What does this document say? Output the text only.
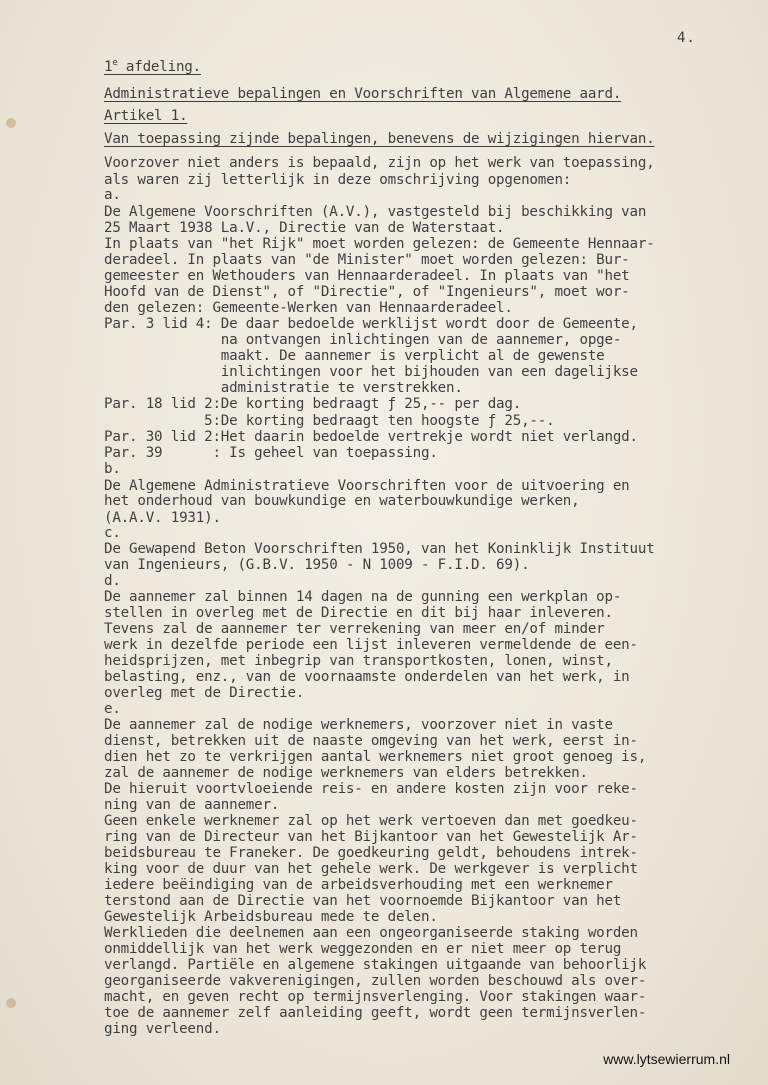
4.
1e afdeling.
Administratieve bepalingen en Voorschriften van Algemene aard.
Artikel 1.
Van toepassing zijnde bepalingen, benevens de wijzigingen hiervan.
Voorzover niet anders is bepaald, zijn op het werk van toepassing,
als waren zij letterlijk in deze omschrijving opgenomen:
a.
De Algemene Voorschriften (A.V.), vastgesteld bij beschikking van
25 Maart 1938 La.V., Directie van de Waterstaat.
In plaats van "het Rijk" moet worden gelezen: de Gemeente Hennaar-
deradeel. In plaats van "de Minister" moet worden gelezen: Bur-
gemeester en Wethouders van Hennaarderadeel. In plaats van "het
Hoofd van de Dienst", of "Directie", of "Ingenieurs", moet wor-
den gelezen: Gemeente-Werken van Hennaarderadeel.
Par. 3 lid 4: De daar bedoelde werklijst wordt door de Gemeente,
na ontvangen inlichtingen van de aannemer, opge-
maakt. De aannemer is verplicht al de gewenste
inlichtingen voor het bijhouden van een dagelijkse
administratie te verstrekken.
Par. 18 lid 2:De korting bedraagt ƒ 25,-- per dag.
5:De korting bedraagt ten hoogste ƒ 25,--.
Par. 30 lid 2:Het daarin bedoelde vertrekje wordt niet verlangd.
Par. 39      : Is geheel van toepassing.
b.
De Algemene Administratieve Voorschriften voor de uitvoering en
het onderhoud van bouwkundige en waterbouwkundige werken,
(A.A.V. 1931).
c.
De Gewapend Beton Voorschriften 1950, van het Koninklijk Instituut
van Ingenieurs, (G.B.V. 1950 - N 1009 - F.I.D. 69).
d.
De aannemer zal binnen 14 dagen na de gunning een werkplan op-
stellen in overleg met de Directie en dit bij haar inleveren.
Tevens zal de aannemer ter verrekening van meer en/of minder
werk in dezelfde periode een lijst inleveren vermeldende de een-
heidsprijzen, met inbegrip van transportkosten, lonen, winst,
belasting, enz., van de voornaamste onderdelen van het werk, in
overleg met de Directie.
e.
De aannemer zal de nodige werknemers, voorzover niet in vaste
dienst, betrekken uit de naaste omgeving van het werk, eerst in-
dien het zo te verkrijgen aantal werknemers niet groot genoeg is,
zal de aannemer de nodige werknemers van elders betrekken.
De hieruit voortvloeiende reis- en andere kosten zijn voor reke-
ning van de aannemer.
Geen enkele werknemer zal op het werk vertoeven dan met goedkeu-
ring van de Directeur van het Bijkantoor van het Gewestelijk Ar-
beidsbureau te Franeker. De goedkeuring geldt, behoudens intrek-
king voor de duur van het gehele werk. De werkgever is verplicht
iedere beëindiging van de arbeidsverhouding met een werknemer
terstond aan de Directie van het voornoemde Bijkantoor van het
Gewestelijk Arbeidsbureau mede te delen.
Werklieden die deelnemen aan een ongeorganiseerde staking worden
onmiddellijk van het werk weggezonden en er niet meer op terug
verlangd. Partiële en algemene stakingen uitgaande van behoorlijk
georganiseerde vakverenigingen, zullen worden beschouwd als over-
macht, en geven recht op termijnsverlenging. Voor stakingen waar-
toe de aannemer zelf aanleiding geeft, wordt geen termijnsverlen-
ging verleend.
www.lytsewierrum.nl
